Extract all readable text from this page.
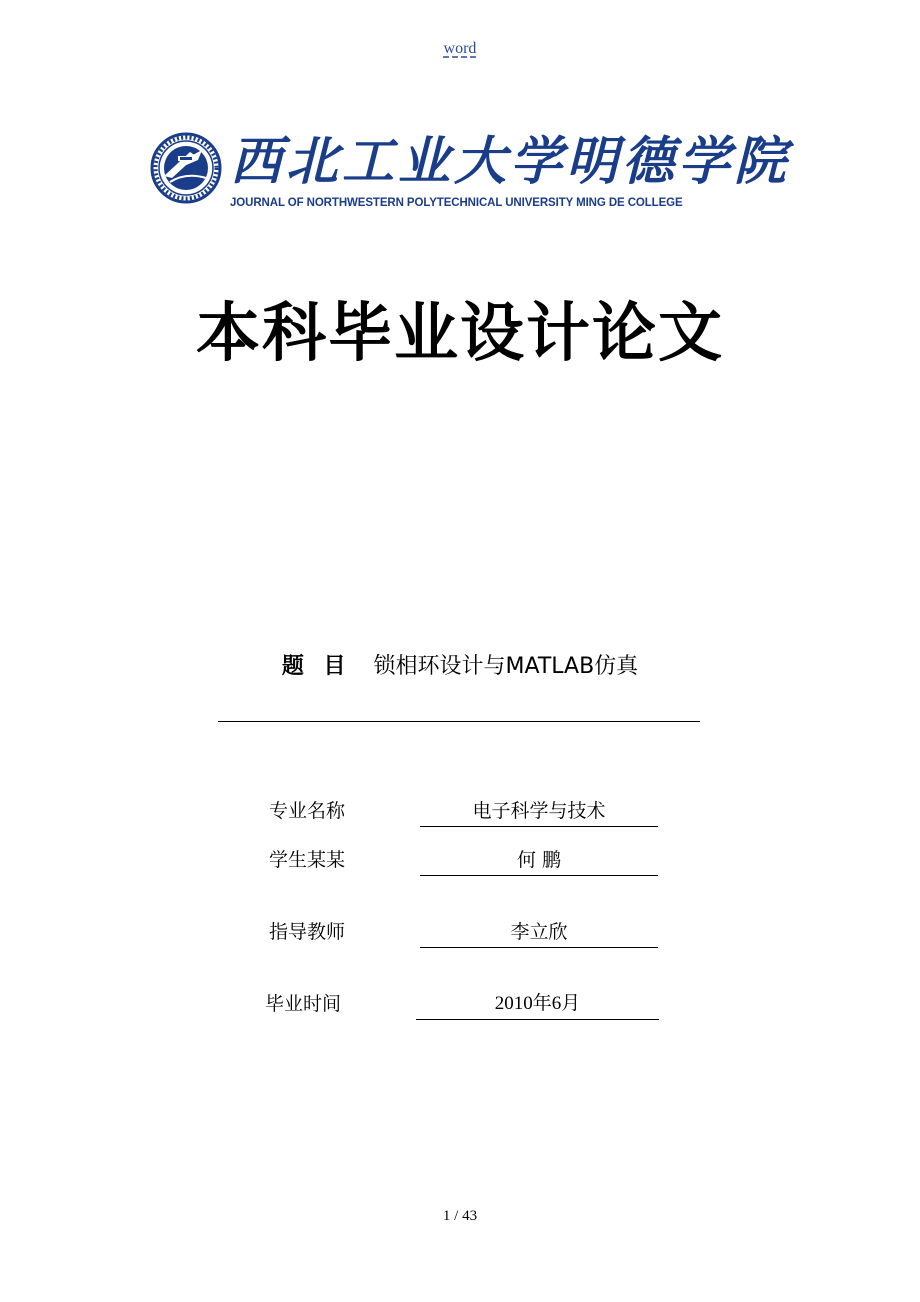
word
西北工业大学明德学院
JOURNAL OF NORTHWESTERN POLYTECHNICAL UNIVERSITY MING DE COLLEGE
本科毕业设计论文
题 目 锁相环设计与MATLAB仿真
专业名称	电子科学与技术
学生某某	何 鹏
指导教师	李立欣
毕业时间	2010年6月
1 / 43
